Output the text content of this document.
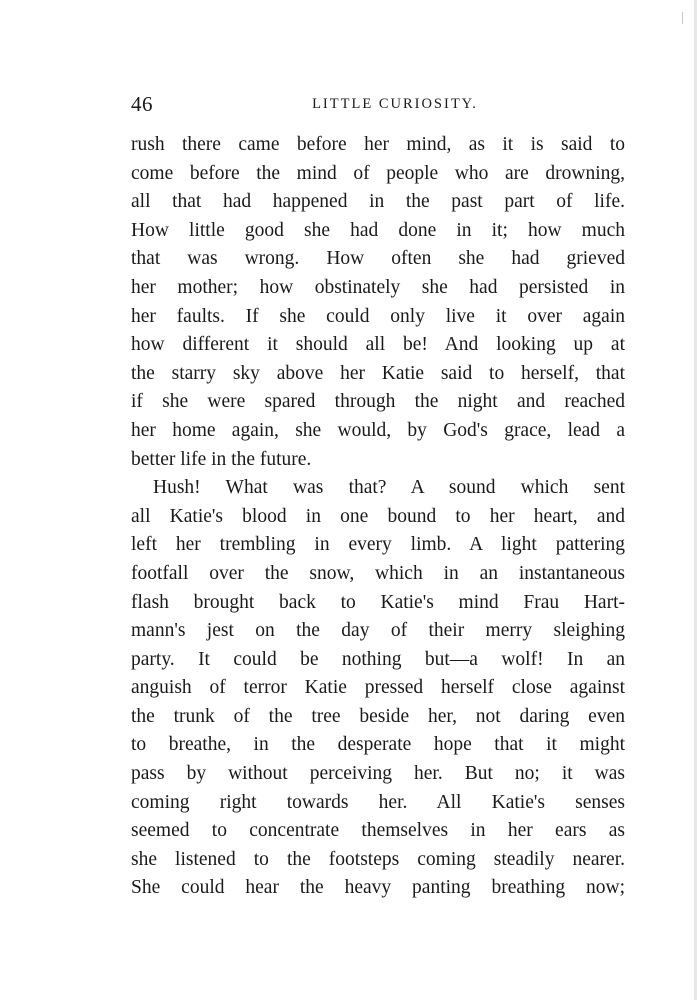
46	LITTLE CURIOSITY.
rush there came before her mind, as it is said to
come before the mind of people who are drowning,
all that had happened in the past part of life.
How little good she had done in it; how much
that was wrong. How often she had grieved
her mother; how obstinately she had persisted in
her faults. If she could only live it over again
how different it should all be! And looking up at
the starry sky above her Katie said to herself, that
if she were spared through the night and reached
her home again, she would, by God's grace, lead a
better life in the future.
Hush! What was that? A sound which sent
all Katie's blood in one bound to her heart, and
left her trembling in every limb. A light pattering
footfall over the snow, which in an instantaneous
flash brought back to Katie's mind Frau Hart-
mann's jest on the day of their merry sleighing
party. It could be nothing but—a wolf! In an
anguish of terror Katie pressed herself close against
the trunk of the tree beside her, not daring even
to breathe, in the desperate hope that it might
pass by without perceiving her. But no; it was
coming right towards her. All Katie's senses
seemed to concentrate themselves in her ears as
she listened to the footsteps coming steadily nearer.
She could hear the heavy panting breathing now;
